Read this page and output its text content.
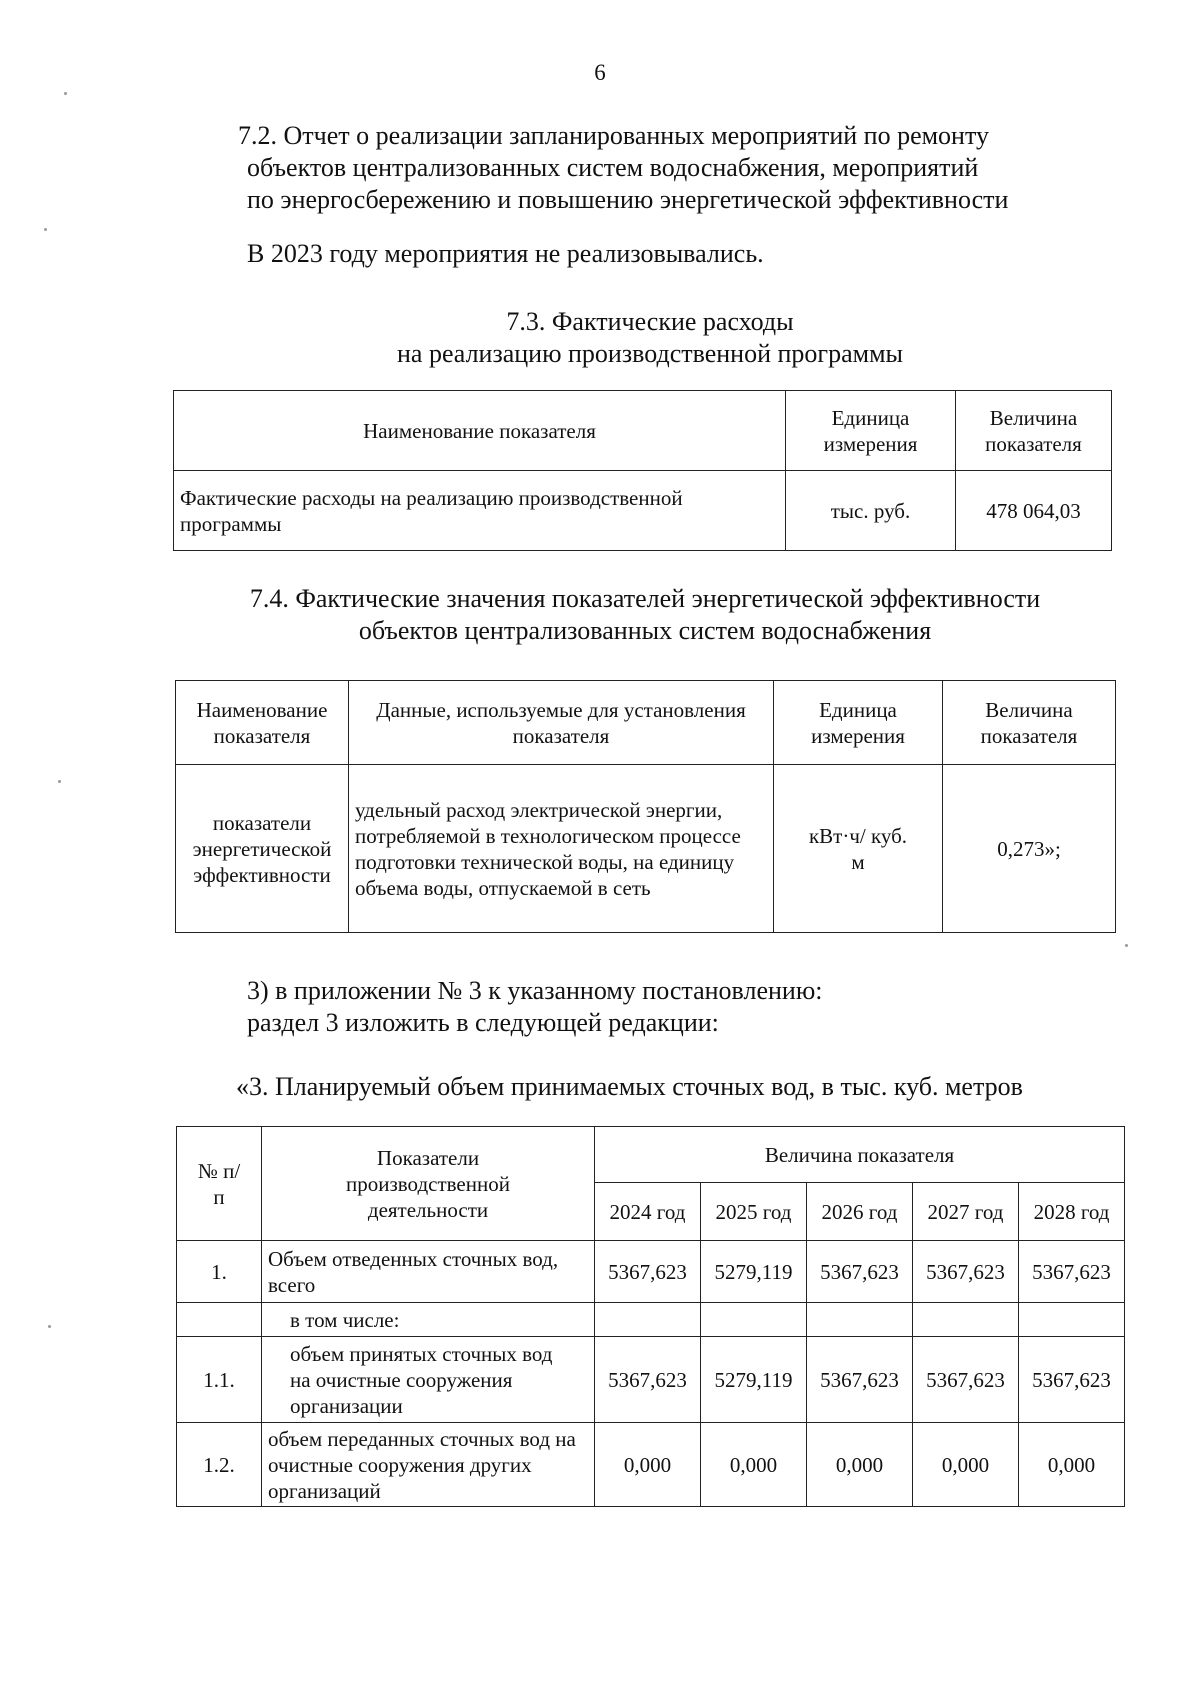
6
7.2. Отчет о реализации запланированных мероприятий по ремонту
объектов централизованных систем водоснабжения, мероприятий
по энергосбережению и повышению энергетической эффективности
В 2023 году мероприятия не реализовывались.
7.3. Фактические расходы
на реализацию производственной программы
Наименование показателя	Единица измерения	Величина показателя
Фактические расходы на реализацию производственной программы	тыс. руб.	478 064,03
7.4. Фактические значения показателей энергетической эффективности
объектов централизованных систем водоснабжения
Наименование показателя	Данные, используемые для установления показателя	Единица измерения	Величина показателя
показатели энергетической эффективности	удельный расход электрической энергии, потребляемой в технологическом процессе подготовки технической воды, на единицу объема воды, отпускаемой в сеть	кВт·ч/ куб. м	0,273»;
3) в приложении № 3 к указанному постановлению:
раздел 3 изложить в следующей редакции:
«3. Планируемый объем принимаемых сточных вод, в тыс. куб. метров
№ п/п	Показатели производственной деятельности	Величина показателя				
		2024 год	2025 год	2026 год	2027 год	2028 год
1.	Объем отведенных сточных вод, всего	5367,623	5279,119	5367,623	5367,623	5367,623
	в том числе:					
1.1.	объем принятых сточных вод на очистные сооружения организации	5367,623	5279,119	5367,623	5367,623	5367,623
1.2.	объем переданных сточных вод на очистные сооружения других организаций	0,000	0,000	0,000	0,000	0,000
